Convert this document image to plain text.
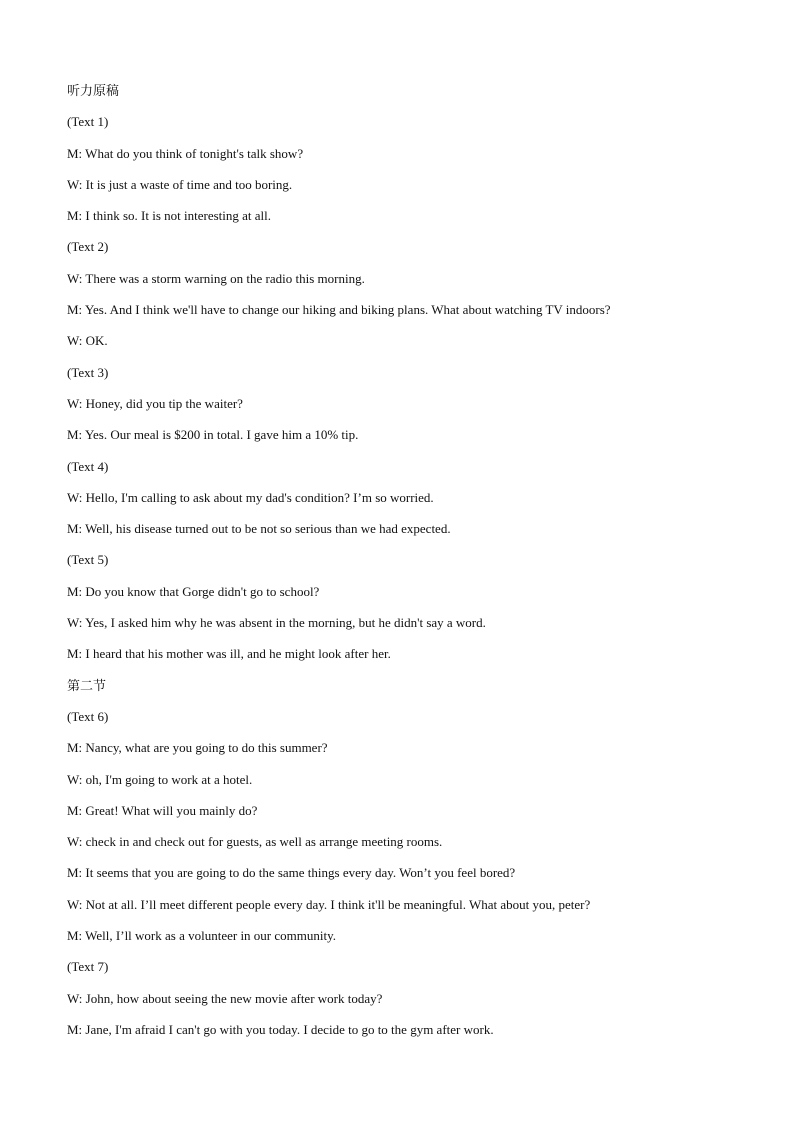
听力原稿
(Text 1)
M: What do you think of tonight's talk show?
W: It is just a waste of time and too boring.
M: I think so. It is not interesting at all.
(Text 2)
W: There was a storm warning on the radio this morning.
M: Yes. And I think we'll have to change our hiking and biking plans. What about watching TV indoors?
W: OK.
(Text 3)
W: Honey, did you tip the waiter?
M: Yes. Our meal is $200 in total. I gave him a 10% tip.
(Text 4)
W: Hello, I'm calling to ask about my dad's condition? I’m so worried.
M: Well, his disease turned out to be not so serious than we had expected.
(Text 5)
M: Do you know that Gorge didn't go to school?
W: Yes, I asked him why he was absent in the morning, but he didn't say a word.
M: I heard that his mother was ill, and he might look after her.
第二节
(Text 6)
M: Nancy, what are you going to do this summer?
W: oh, I'm going to work at a hotel.
M: Great! What will you mainly do?
W: check in and check out for guests, as well as arrange meeting rooms.
M: It seems that you are going to do the same things every day. Won’t you feel bored?
W: Not at all. I’ll meet different people every day. I think it'll be meaningful. What about you, peter?
M: Well, I’ll work as a volunteer in our community.
(Text 7)
W: John, how about seeing the new movie after work today?
M: Jane, I'm afraid I can't go with you today. I decide to go to the gym after work.
